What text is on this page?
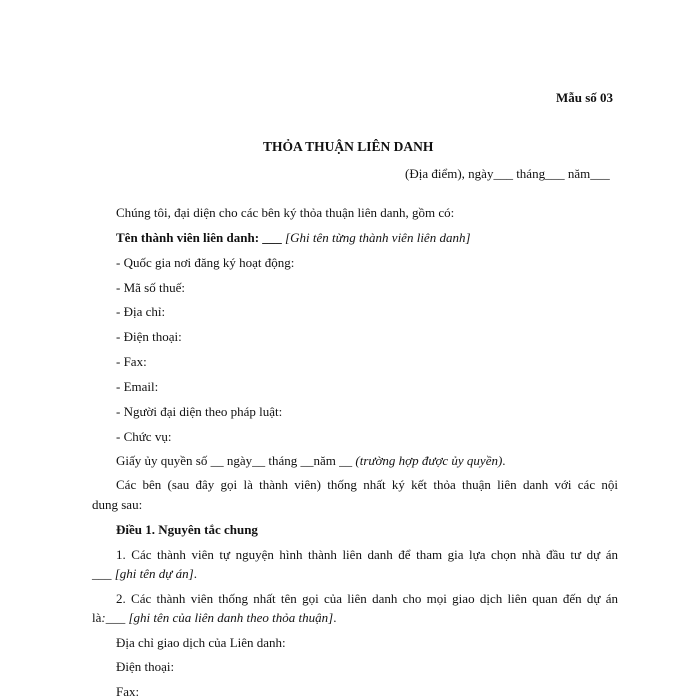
Mẫu số 03
THỎA THUẬN LIÊN DANH
(Địa điểm), ngày___ tháng___ năm___
Chúng tôi, đại diện cho các bên ký thỏa thuận liên danh, gồm có:
Tên thành viên liên danh: ___ [Ghi tên từng thành viên liên danh]
- Quốc gia nơi đăng ký hoạt động:
- Mã số thuế:
- Địa chỉ:
- Điện thoại:
- Fax:
- Email:
- Người đại diện theo pháp luật:
- Chức vụ:
Giấy ủy quyền số __ ngày__ tháng __năm __ (trường hợp được ủy quyền).
Các bên (sau đây gọi là thành viên) thống nhất ký kết thỏa thuận liên danh với các nội
dung sau:
Điều 1. Nguyên tắc chung
1. Các thành viên tự nguyện hình thành liên danh để tham gia lựa chọn nhà đầu tư dự án
___ [ghi tên dự án].
2. Các thành viên thống nhất tên gọi của liên danh cho mọi giao dịch liên quan đến dự án
là:___ [ghi tên của liên danh theo thỏa thuận].
Địa chỉ giao dịch của Liên danh:
Điện thoại:
Fax:
